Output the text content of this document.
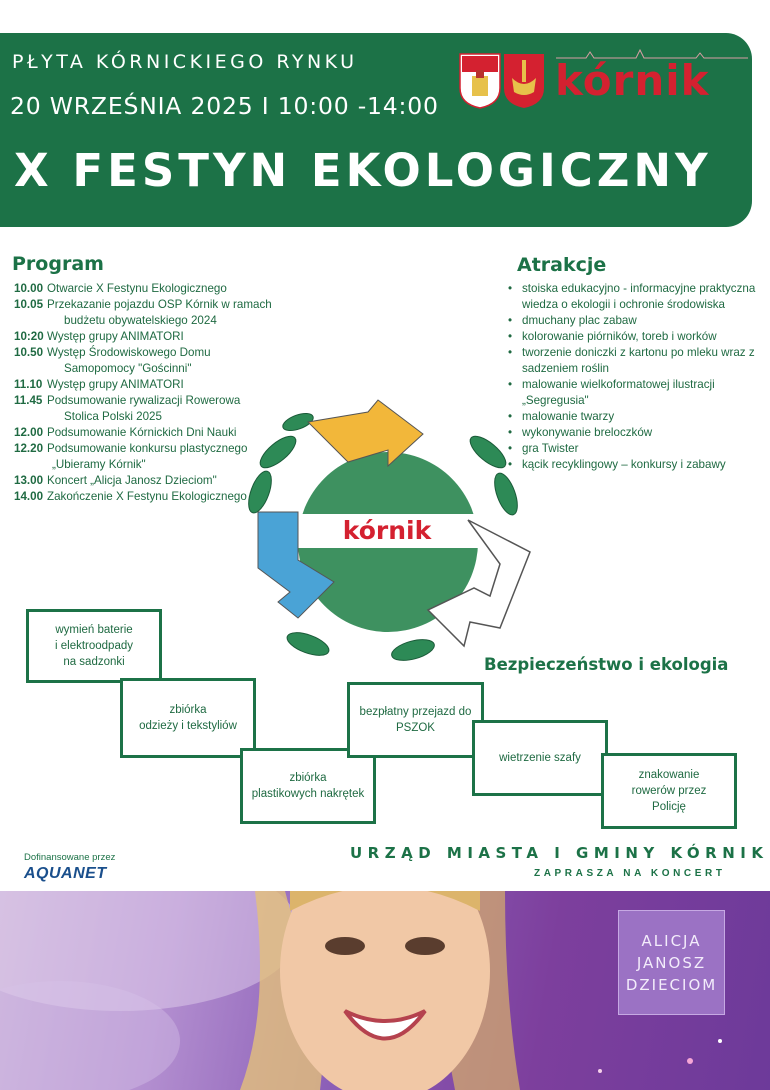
PŁYTA KÓRNICKIEGO RYNKU
20 WRZEŚNIA 2025 I 10:00 -14:00
X FESTYN EKOLOGICZNY
kórnik
Program
10.00 Otwarcie X Festynu Ekologicznego
10.05 Przekazanie pojazdu OSP Kórnik w ramach
budżetu obywatelskiego 2024
10:20 Występ grupy ANIMATORI
10.50 Występ Środowiskowego Domu
Samopomocy "Gościnni"
11.10 Występ grupy ANIMATORI
11.45 Podsumowanie rywalizacji Rowerowa
Stolica Polski 2025
12.00 Podsumowanie Kórnickich Dni Nauki
12.20 Podsumowanie konkursu plastycznego
„Ubieramy Kórnik"
13.00 Koncert „Alicja Janosz Dzieciom"
14.00 Zakończenie X Festynu Ekologicznego
Atrakcje
• stoiska edukacyjno - informacyjne praktyczna wiedza o ekologii i ochronie środowiska
• dmuchany plac zabaw
• kolorowanie piórników, toreb i worków
• tworzenie doniczki z kartonu po mleku wraz z sadzeniem roślin
• malowanie wielkoformatowej ilustracji „Segregusia"
• malowanie twarzy
• wykonywanie breloczków
• gra Twister
• kącik recyklingowy – konkursy i zabawy
kórnik
Bezpieczeństwo i ekologia
wymień baterie
i elektroodpady
na sadzonki
zbiórka
odzieży i tekstyliów
zbiórka
plastikowych nakrętek
bezpłatny przejazd do
PSZOK
wietrzenie szafy
znakowanie
rowerów przez
Policję
Dofinansowane przez
AQUANET
URZĄD MIASTA I GMINY KÓRNIK
ZAPRASZA NA KONCERT
ALICJA
JANOSZ
DZIECIOM
